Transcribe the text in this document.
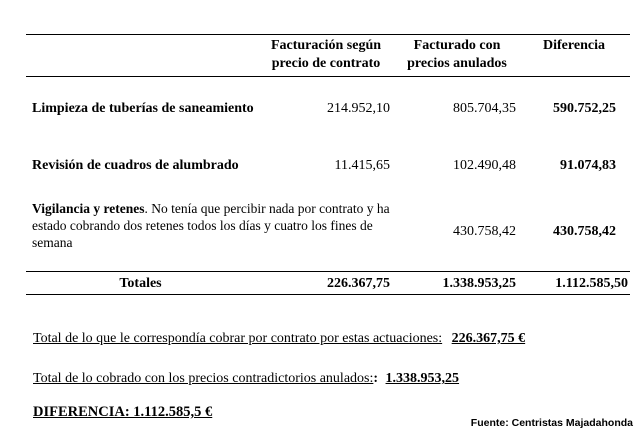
	Facturación según precio de contrato	Facturado con precios anulados	Diferencia
Limpieza de tuberías de saneamiento	214.952,10	805.704,35	590.752,25
Revisión de cuadros de alumbrado	11.415,65	102.490,48	91.074,83
Vigilancia y retenes. No tenía que percibir nada por contrato y ha estado cobrando dos retenes todos los días y cuatro los fines de semana		430.758,42	430.758,42
Totales	226.367,75	1.338.953,25	1.112.585,50
Total de lo que le correspondía cobrar por contrato por estas actuaciones: 226.367,75 €
Total de lo cobrado con los precios contradictorios anulados:: 1.338.953,25
DIFERENCIA: 1.112.585,5 €
Fuente: Centristas Majadahonda
